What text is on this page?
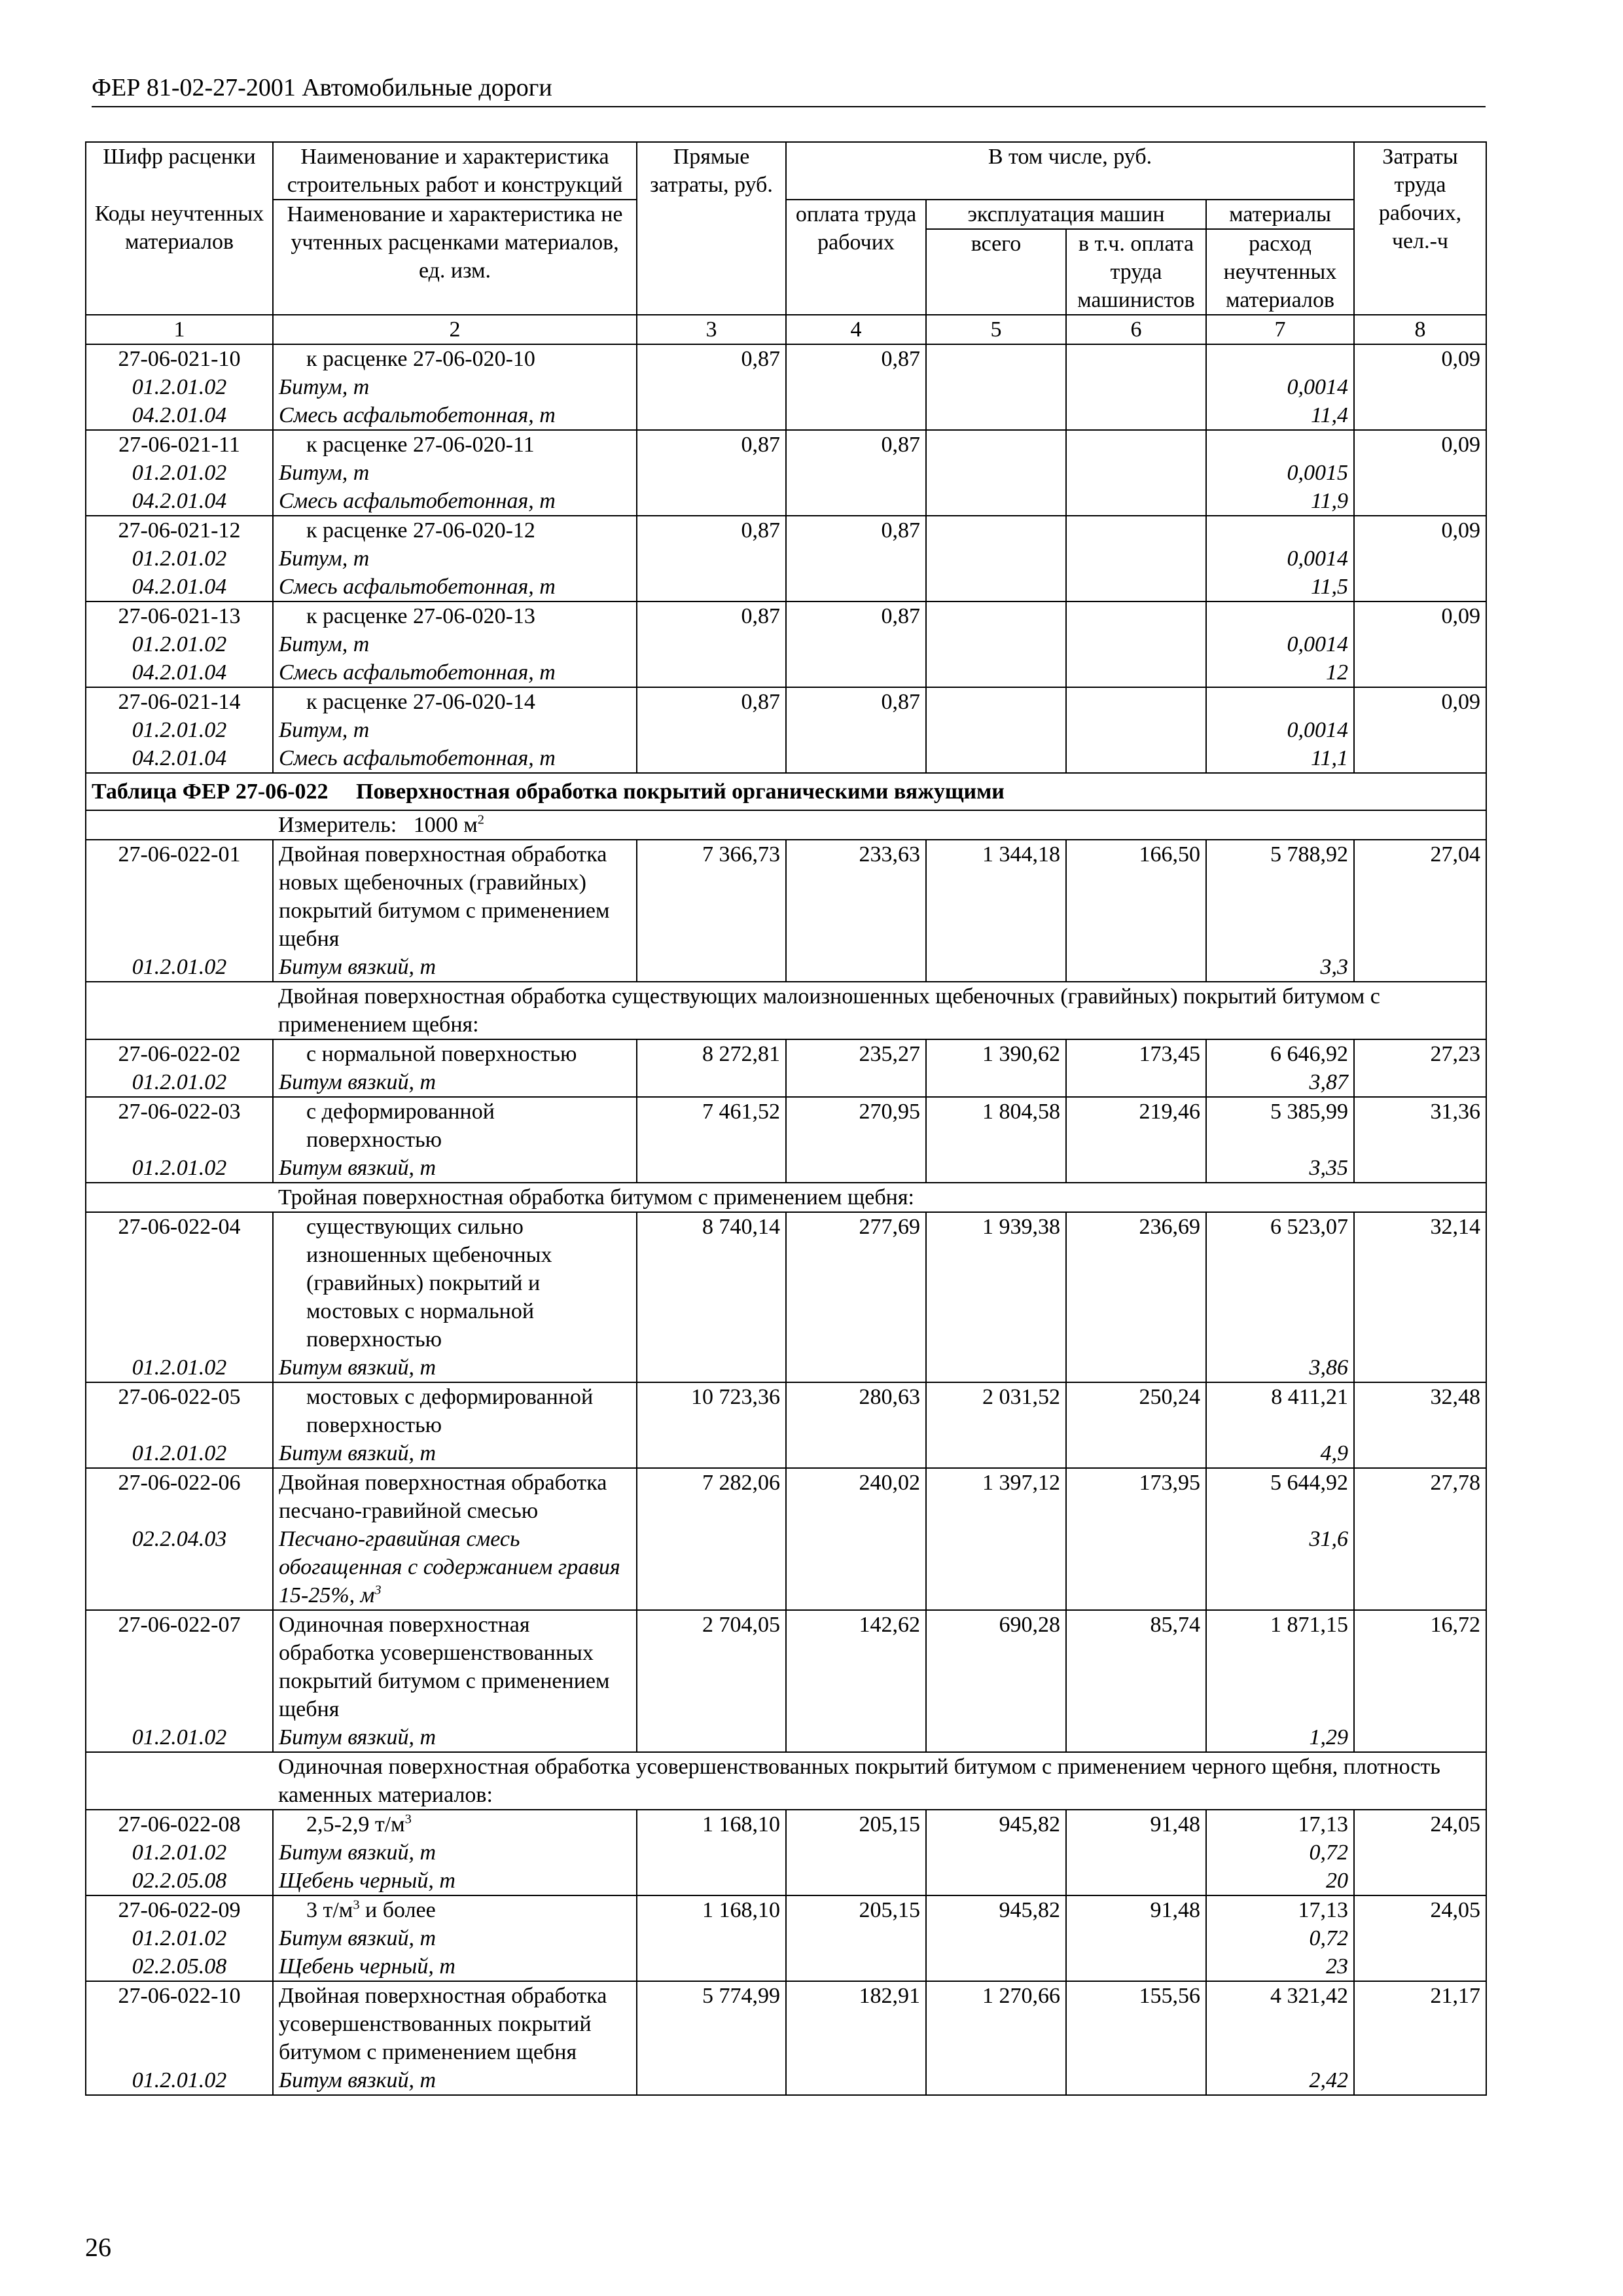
ФЕР 81-02-27-2001 Автомобильные дороги
Шифр расценки	Наименование и характеристика строительных работ и конструкций	Прямые затраты, руб.	В том числе, руб.				Затраты труда рабочих, чел.-ч
Коды неучтенных материалов	Наименование и характеристика не учтенных расценками материалов, ед. изм.		оплата труда рабочих	эксплуатация машин		материалы	
				всего	в т.ч. оплата труда машинистов	расход неучтенных материалов	
1	2	3	4	5	6	7	8
27-06-021-10	к расценке 27-06-020-10	0,87	0,87				0,09
01.2.01.02	Битум, т					0,0014	
04.2.01.04	Смесь асфальтобетонная, т					11,4	
27-06-021-11	к расценке 27-06-020-11	0,87	0,87				0,09
01.2.01.02	Битум, т					0,0015	
04.2.01.04	Смесь асфальтобетонная, т					11,9	
27-06-021-12	к расценке 27-06-020-12	0,87	0,87				0,09
01.2.01.02	Битум, т					0,0014	
04.2.01.04	Смесь асфальтобетонная, т					11,5	
27-06-021-13	к расценке 27-06-020-13	0,87	0,87				0,09
01.2.01.02	Битум, т					0,0014	
04.2.01.04	Смесь асфальтобетонная, т					12	
27-06-021-14	к расценке 27-06-020-14	0,87	0,87				0,09
01.2.01.02	Битум, т					0,0014	
04.2.01.04	Смесь асфальтобетонная, т					11,1	
Таблица ФЕР 27-06-022     Поверхностная обработка покрытий органическими вяжущими							
	Измеритель: 1000 $м^2$
27-06-022-01	Двойная поверхностная обработка новых щебеночных (гравийных) покрытий битумом с применением щебня	7 366,73	233,63	1 344,18	166,50	5 788,92	27,04
01.2.01.02	Битум вязкий, т					3,3	
	Двойная поверхностная обработка существующих малоизношенных щебеночных (гравийных) покрытий битумом с применением щебня:						
27-06-022-02	с нормальной поверхностью	8 272,81	235,27	1 390,62	173,45	6 646,92	27,23
01.2.01.02	Битум вязкий, т					3,87	
27-06-022-03	с деформированной поверхностью	7 461,52	270,95	1 804,58	219,46	5 385,99	31,36
01.2.01.02	Битум вязкий, т					3,35	
	Тройная поверхностная обработка битумом с применением щебня:						
27-06-022-04	существующих сильно изношенных щебеночных (гравийных) покрытий и мостовых с нормальной поверхностью	8 740,14	277,69	1 939,38	236,69	6 523,07	32,14
01.2.01.02	Битум вязкий, т					3,86	
27-06-022-05	мостовых с деформированной поверхностью	10 723,36	280,63	2 031,52	250,24	8 411,21	32,48
01.2.01.02	Битум вязкий, т					4,9	
27-06-022-06	Двойная поверхностная обработка песчано-гравийной смесью	7 282,06	240,02	1 397,12	173,95	5 644,92	27,78
02.2.04.03	Песчано-гравийная смесь обогащенная с содержанием гравия 15-25%, $м^3$					31,6	
27-06-022-07	Одиночная поверхностная обработка усовершенствованных покрытий битумом с применением щебня	2 704,05	142,62	690,28	85,74	1 871,15	16,72
01.2.01.02	Битум вязкий, т					1,29	
	Одиночная поверхностная обработка усовершенствованных покрытий битумом с применением черного щебня, плотность каменных материалов:						
27-06-022-08	2,5-2,9 $т/м^3$	1 168,10	205,15	945,82	91,48	17,13	24,05
01.2.01.02	Битум вязкий, т					0,72	
02.2.05.08	Щебень черный, т					20	
27-06-022-09	3 $т/м^3$ и более	1 168,10	205,15	945,82	91,48	17,13	24,05
01.2.01.02	Битум вязкий, т					0,72	
02.2.05.08	Щебень черный, т					23	
27-06-022-10	Двойная поверхностная обработка усовершенствованных покрытий битумом с применением щебня	5 774,99	182,91	1 270,66	155,56	4 321,42	21,17
01.2.01.02	Битум вязкий, т					2,42	
26
